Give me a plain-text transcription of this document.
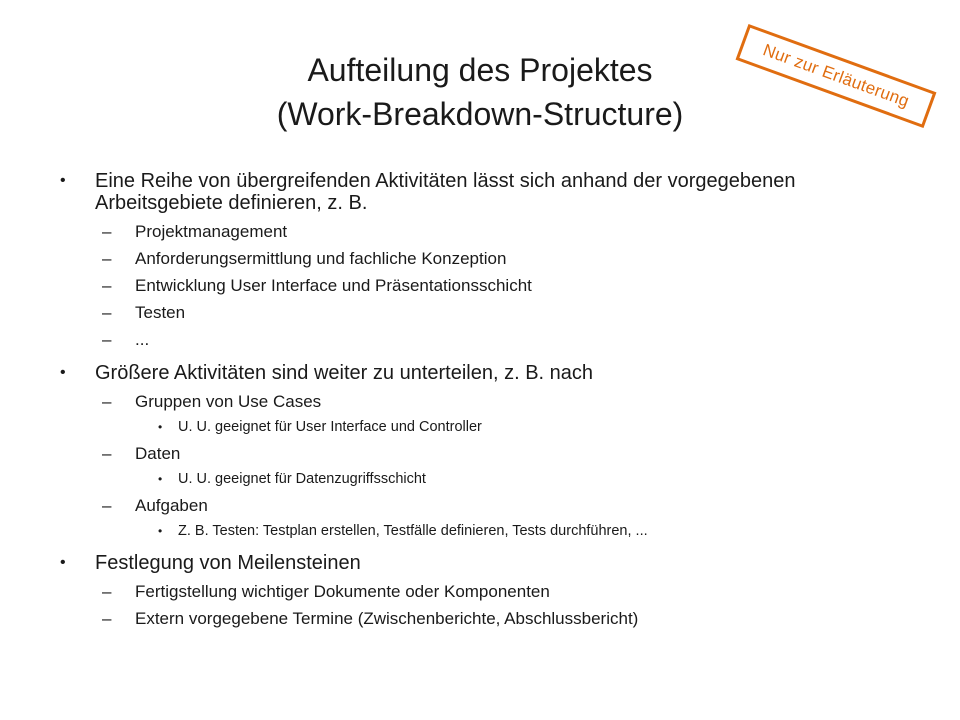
Aufteilung des Projektes
(Work-Breakdown-Structure)
Nur zur Erläuterung
• Eine Reihe von übergreifenden Aktivitäten lässt sich anhand der vorgegebenen Arbeitsgebiete definieren, z. B.
– Projektmanagement
– Anforderungsermittlung und fachliche Konzeption
– Entwicklung User Interface und Präsentationsschicht
– Testen
– ...
• Größere Aktivitäten sind weiter zu unterteilen, z. B. nach
– Gruppen von Use Cases
• U. U. geeignet für User Interface und Controller
– Daten
• U. U. geeignet für Datenzugriffsschicht
– Aufgaben
• Z. B. Testen: Testplan erstellen, Testfälle definieren, Tests durchführen, ...
• Festlegung von Meilensteinen
– Fertigstellung wichtiger Dokumente oder Komponenten
– Extern vorgegebene Termine (Zwischenberichte, Abschlussbericht)
